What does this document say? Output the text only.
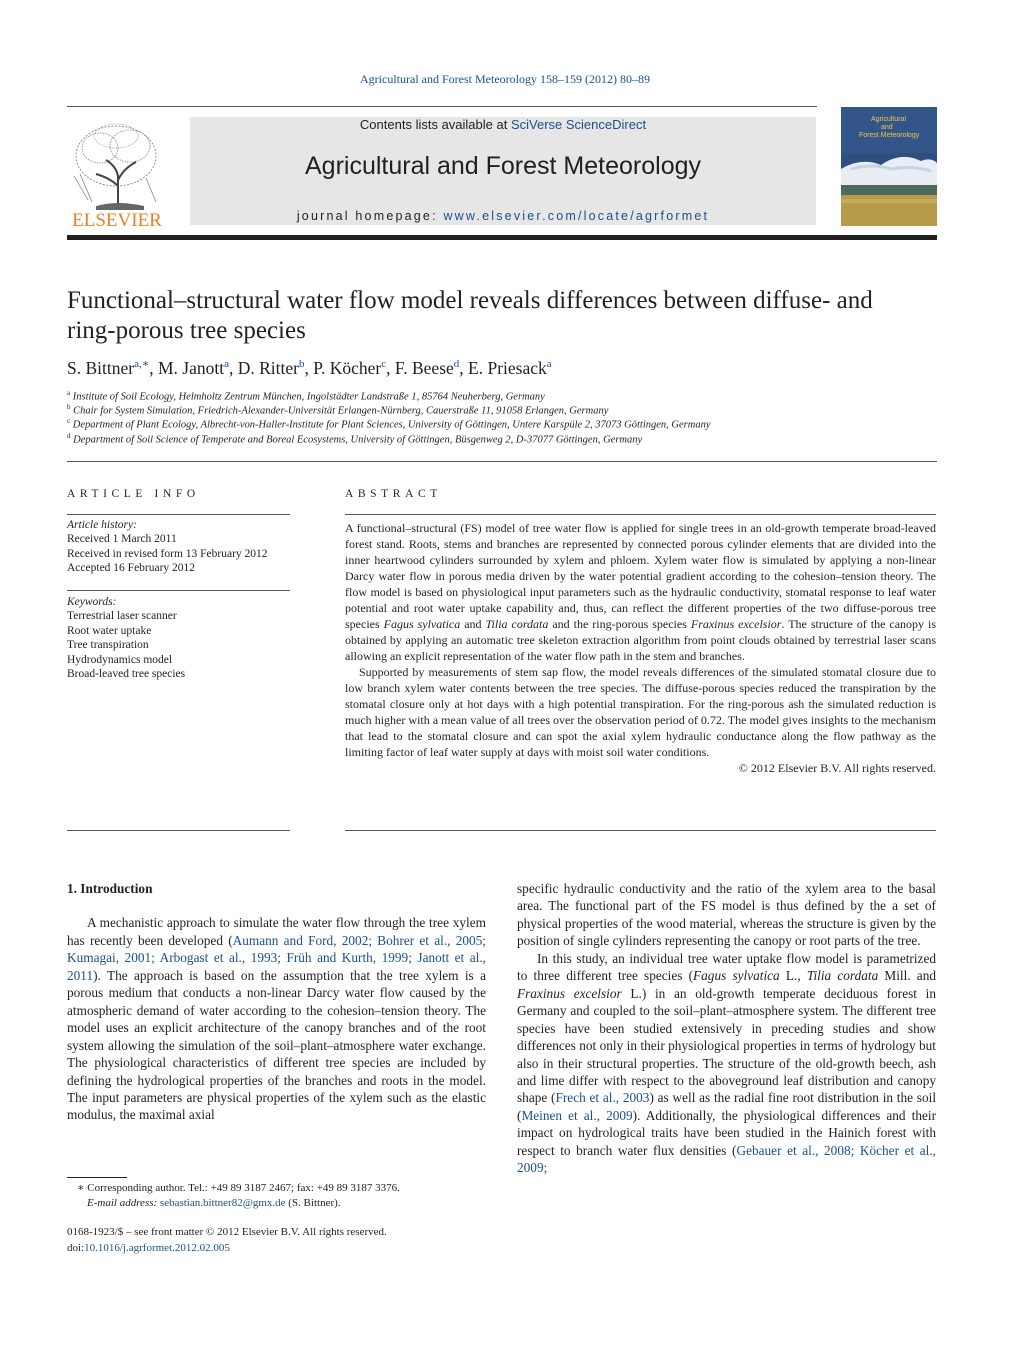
Agricultural and Forest Meteorology 158–159 (2012) 80–89
ELSEVIER
Contents lists available at SciVerse ScienceDirect
Agricultural and Forest Meteorology
journal homepage: www.elsevier.com/locate/agrformet
Agricultural
and
Forest Meteorology
Functional–structural water flow model reveals differences between diffuse- and
ring-porous tree species
S. Bittner$^{a,∗}$, M. Janott$^a$, D. Ritter$^b$, P. Köcher$^c$, F. Beese$^d$, E. Priesack$^a$
$^a$ Institute of Soil Ecology, Helmholtz Zentrum München, Ingolstädter Landstraße 1, 85764 Neuherberg, Germany
$^b$ Chair for System Simulation, Friedrich-Alexander-Universität Erlangen-Nürnberg, Cauerstraße 11, 91058 Erlangen, Germany
$^c$ Department of Plant Ecology, Albrecht-von-Haller-Institute for Plant Sciences, University of Göttingen, Untere Karspüle 2, 37073 Göttingen, Germany
$^d$ Department of Soil Science of Temperate and Boreal Ecosystems, University of Göttingen, Büsgenweg 2, D-37077 Göttingen, Germany
ARTICLE INFO
Article history:
Received 1 March 2011
Received in revised form 13 February 2012
Accepted 16 February 2012
Keywords:
Terrestrial laser scanner
Root water uptake
Tree transpiration
Hydrodynamics model
Broad-leaved tree species
ABSTRACT

A functional–structural (FS) model of tree water flow is applied for single trees in an old-growth temperate broad-leaved forest stand. Roots, stems and branches are represented by connected porous cylinder elements that are divided into the inner heartwood cylinders surrounded by xylem and phloem. Xylem water flow is simulated by applying a non-linear Darcy water flow in porous media driven by the water potential gradient according to the cohesion–tension theory. The flow model is based on physiological input parameters such as the hydraulic conductivity, stomatal response to leaf water potential and root water uptake capability and, thus, can reflect the different properties of the two diffuse-porous tree species Fagus sylvatica and Tilia cordata and the ring-porous species Fraxinus excelsior. The structure of the canopy is obtained by applying an automatic tree skeleton extraction algorithm from point clouds obtained by terrestrial laser scans allowing an explicit representation of the water flow path in the stem and branches.

Supported by measurements of stem sap flow, the model reveals differences of the simulated stomatal closure due to low branch xylem water contents between the tree species. The diffuse-porous species reduced the transpiration by the stomatal closure only at hot days with a high potential transpiration. For the ring-porous ash the simulated reduction is much higher with a mean value of all trees over the observation period of 0.72. The model gives insights to the mechanism that lead to the stomatal closure and can spot the axial xylem hydraulic conductance along the flow pathway as the limiting factor of leaf water supply at days with moist soil water conditions.

© 2012 Elsevier B.V. All rights reserved.

1. Introduction

A mechanistic approach to simulate the water flow through the tree xylem has recently been developed (Aumann and Ford, 2002; Bohrer et al., 2005; Kumagai, 2001; Arbogast et al., 1993; Früh and Kurth, 1999; Janott et al., 2011). The approach is based on the assumption that the tree xylem is a porous medium that conducts a non-linear Darcy water flow caused by the atmospheric demand of water according to the cohesion–tension theory. The model uses an explicit architecture of the canopy branches and of the root system allowing the simulation of the soil–plant–atmosphere water exchange. The physiological characteristics of different tree species are included by defining the hydrological properties of the branches and roots in the model. The input parameters are physical properties of the xylem such as the elastic modulus, the maximal axial

specific hydraulic conductivity and the ratio of the xylem area to the basal area. The functional part of the FS model is thus defined by the a set of physical properties of the wood material, whereas the structure is given by the position of single cylinders representing the canopy or root parts of the tree.

In this study, an individual tree water uptake flow model is parametrized to three different tree species (Fagus sylvatica L., Tilia cordata Mill. and Fraxinus excelsior L.) in an old-growth temperate deciduous forest in Germany and coupled to the soil–plant–atmosphere system. The different tree species have been studied extensively in preceding studies and show differences not only in their physiological properties in terms of hydrology but also in their structural properties. The structure of the old-growth beech, ash and lime differ with respect to the aboveground leaf distribution and canopy shape (Frech et al., 2003) as well as the radial fine root distribution in the soil (Meinen et al., 2009). Additionally, the physiological differences and their impact on hydrological traits have been studied in the Hainich forest with respect to branch water flux densities (Gebauer et al., 2008; Köcher et al., 2009;

∗ Corresponding author. Tel.: +49 89 3187 2467; fax: +49 89 3187 3376.
E-mail address: sebastian.bittner82@gmx.de (S. Bittner).
0168-1923/$ – see front matter © 2012 Elsevier B.V. All rights reserved.
doi:10.1016/j.agrformet.2012.02.005
